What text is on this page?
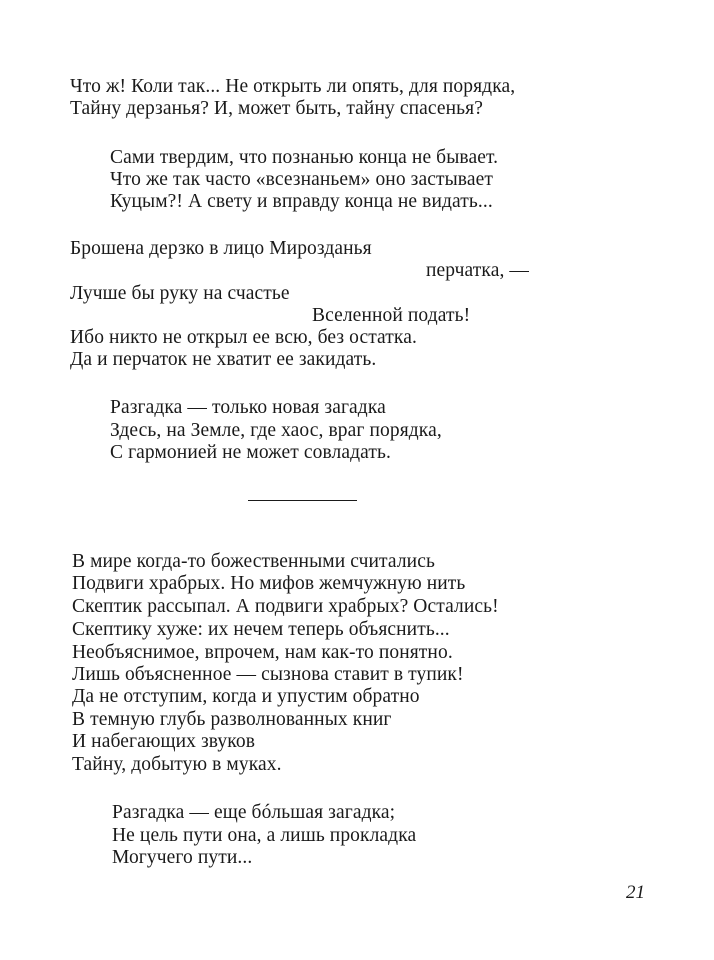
Что ж! Коли так... Не открыть ли опять, для порядка,
Тайну дерзанья? И, может быть, тайну спасенья?
Сами твердим, что познанью конца не бывает.
Что же так часто «всезнаньем» оно застывает
Куцым?! А свету и вправду конца не видать...
Брошена дерзко в лицо Мирозданья
перчатка, —
Лучше бы руку на счастье
Вселенной подать!
Ибо никто не открыл ее всю, без остатка.
Да и перчаток не хватит ее закидать.
Разгадка — только новая загадка
Здесь, на Земле, где хаос, враг порядка,
С гармонией не может совладать.
В мире когда-то божественными считались
Подвиги храбрых. Но мифов жемчужную нить
Скептик рассыпал. А подвиги храбрых? Остались!
Скептику хуже: их нечем теперь объяснить...
Необъяснимое, впрочем, нам как-то понятно.
Лишь объясненное — сызнова ставит в тупик!
Да не отступим, когда и упустим обратно
В темную глубь разволнованных книг
И набегающих звуков
Тайну, добытую в муках.
Разгадка — еще бóльшая загадка;
Не цель пути она, а лишь прокладка
Могучего пути...
21
